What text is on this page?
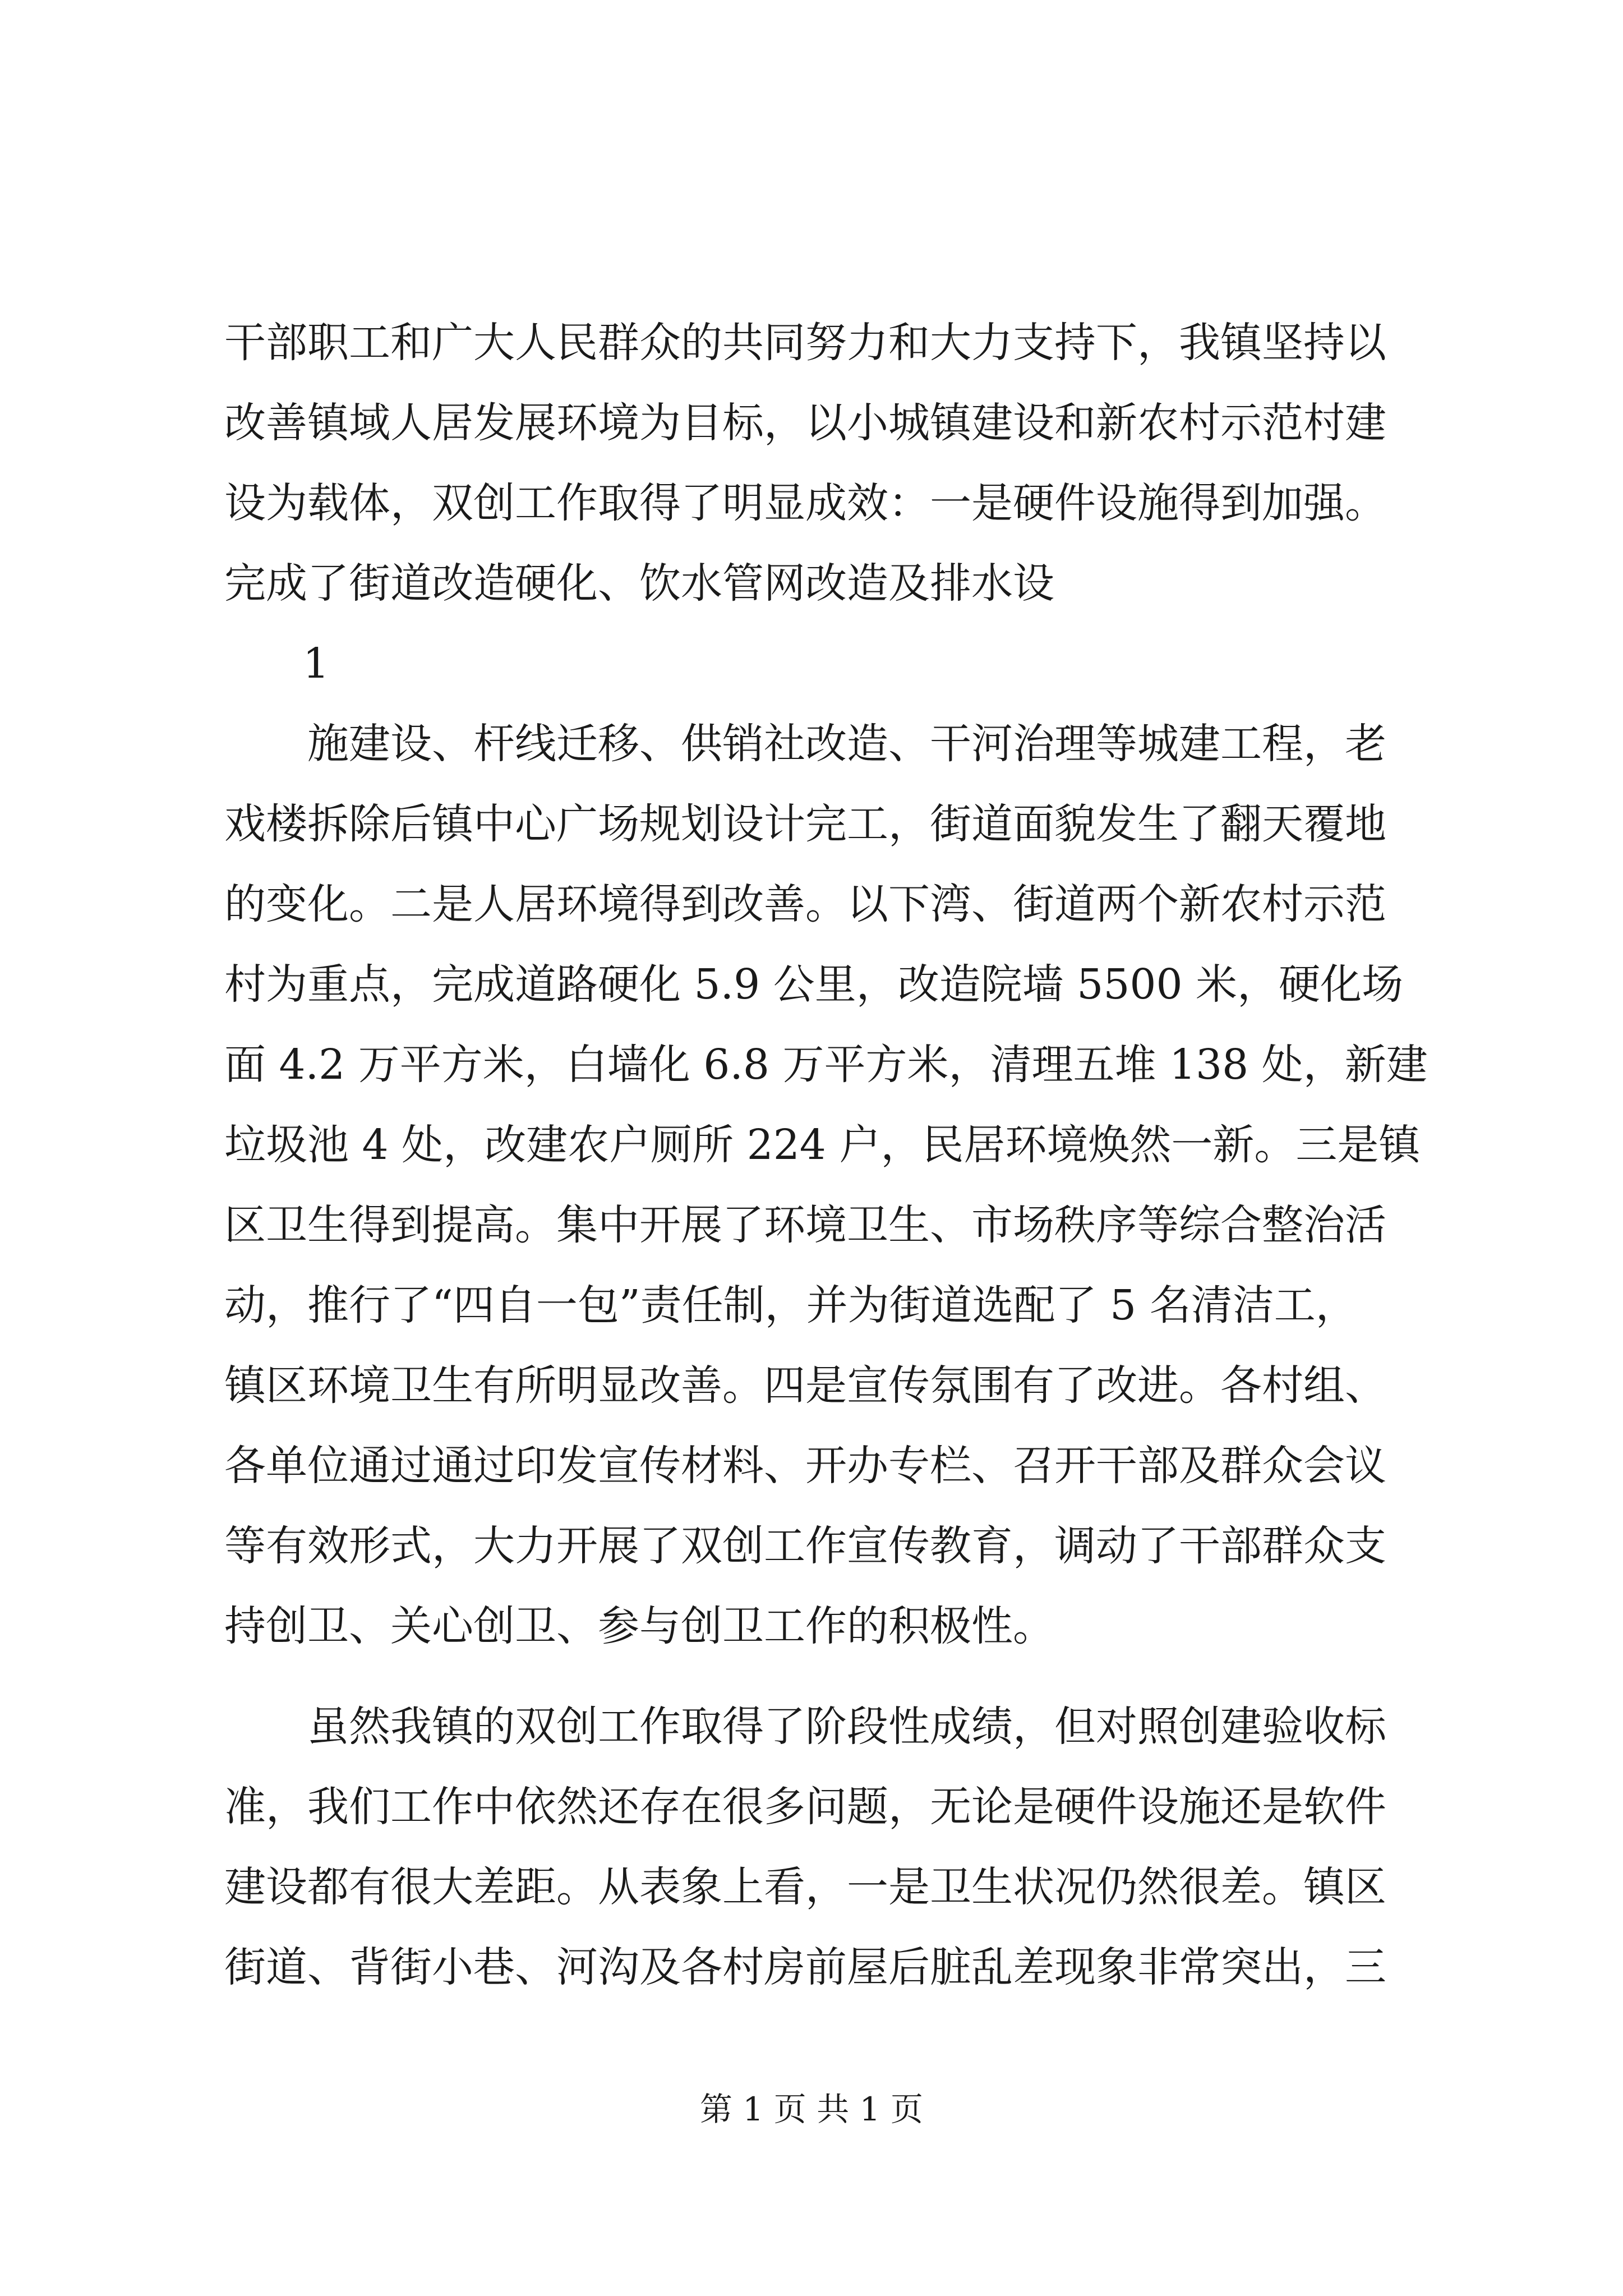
干部职工和广大人民群众的共同努力和大力支持下，我镇坚持以
改善镇域人居发展环境为目标，以小城镇建设和新农村示范村建
设为载体，双创工作取得了明显成效：一是硬件设施得到加强。
完成了街道改造硬化、饮水管网改造及排水设
1
　　施建设、杆线迁移、供销社改造、干河治理等城建工程，老
戏楼拆除后镇中心广场规划设计完工，街道面貌发生了翻天覆地
的变化。二是人居环境得到改善。以下湾、街道两个新农村示范
村为重点，完成道路硬化 5.9 公里，改造院墙 5500 米，硬化场
面 4.2 万平方米，白墙化 6.8 万平方米，清理五堆 138 处，新建
垃圾池 4 处，改建农户厕所 224 户，民居环境焕然一新。三是镇
区卫生得到提高。集中开展了环境卫生、市场秩序等综合整治活
动，推行了“四自一包”责任制，并为街道选配了 5 名清洁工，
镇区环境卫生有所明显改善。四是宣传氛围有了改进。各村组、
各单位通过通过印发宣传材料、开办专栏、召开干部及群众会议
等有效形式，大力开展了双创工作宣传教育，调动了干部群众支
持创卫、关心创卫、参与创卫工作的积极性。
　　虽然我镇的双创工作取得了阶段性成绩，但对照创建验收标
准，我们工作中依然还存在很多问题，无论是硬件设施还是软件
建设都有很大差距。从表象上看，一是卫生状况仍然很差。镇区
街道、背街小巷、河沟及各村房前屋后脏乱差现象非常突出，三
第 1 页 共 1 页
